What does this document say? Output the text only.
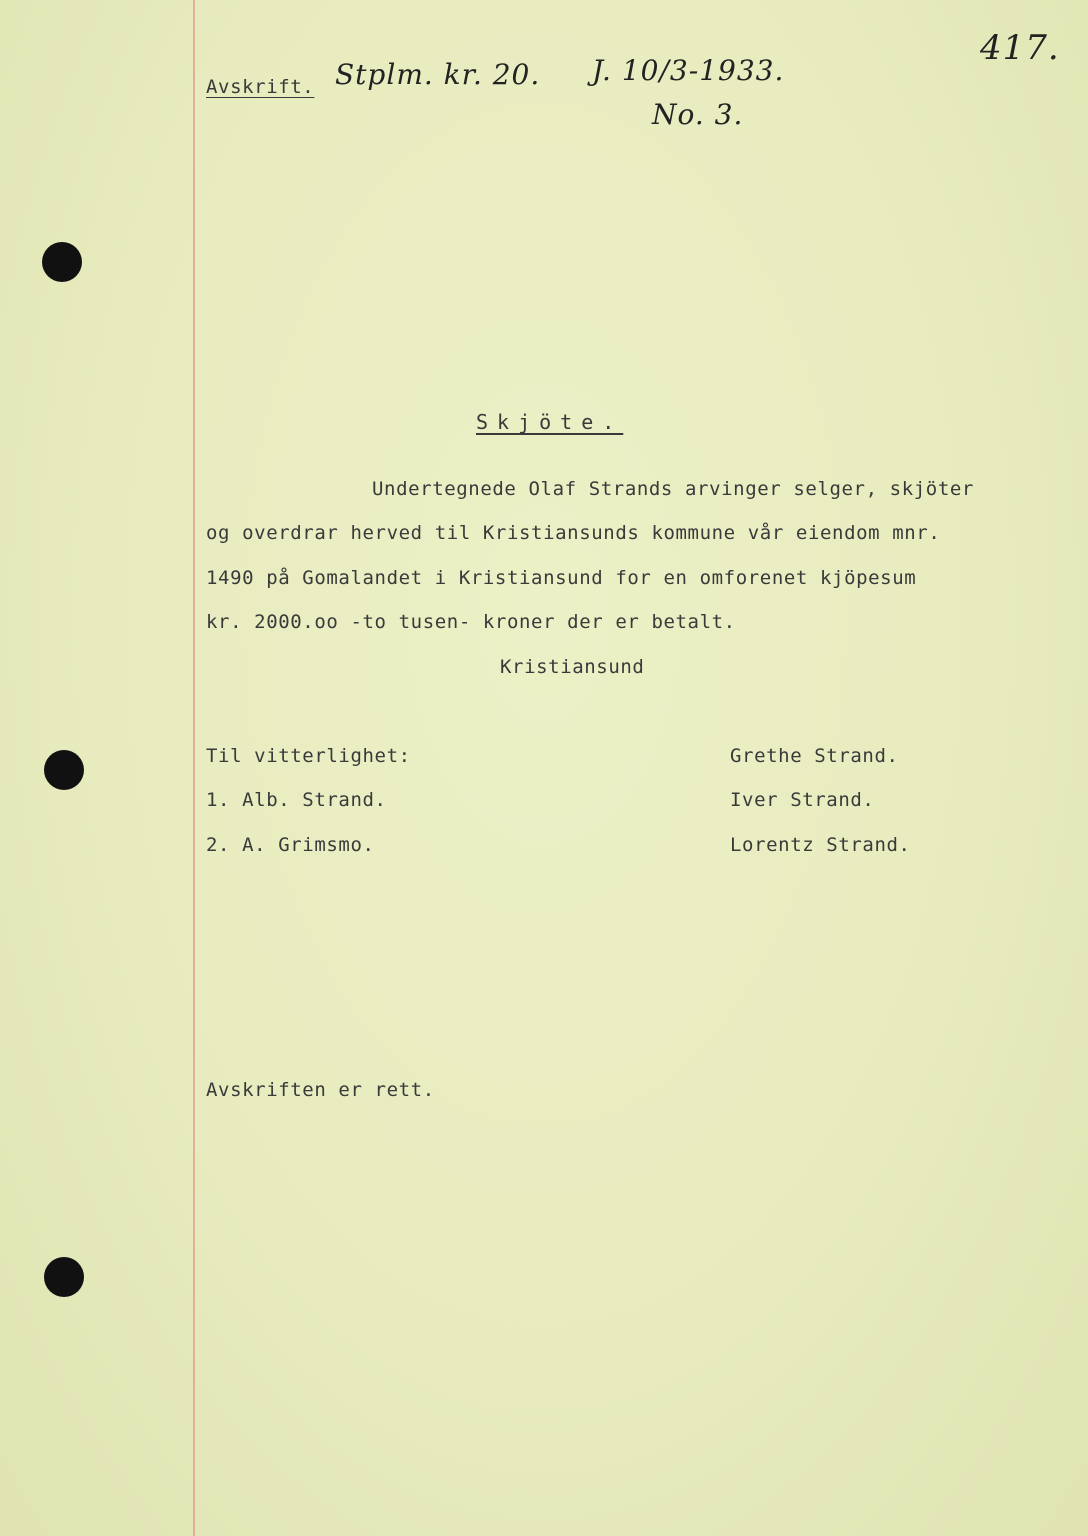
Avskrift. Stplm. kr. 20. J. 10/3-1933.
No. 3.
417.
Skjöte.
Undertegnede Olaf Strands arvinger selger, skjöter
og overdrar herved til Kristiansunds kommune vår eiendom mnr.
1490 på Gomalandet i Kristiansund for en omforenet kjöpesum
kr. 2000.oo -to tusen- kroner der er betalt.
Kristiansund
Til vitterlighet:
1. Alb. Strand.
2. A. Grimsmo.
Grethe Strand.
Iver Strand.
Lorentz Strand.
Avskriften er rett.
